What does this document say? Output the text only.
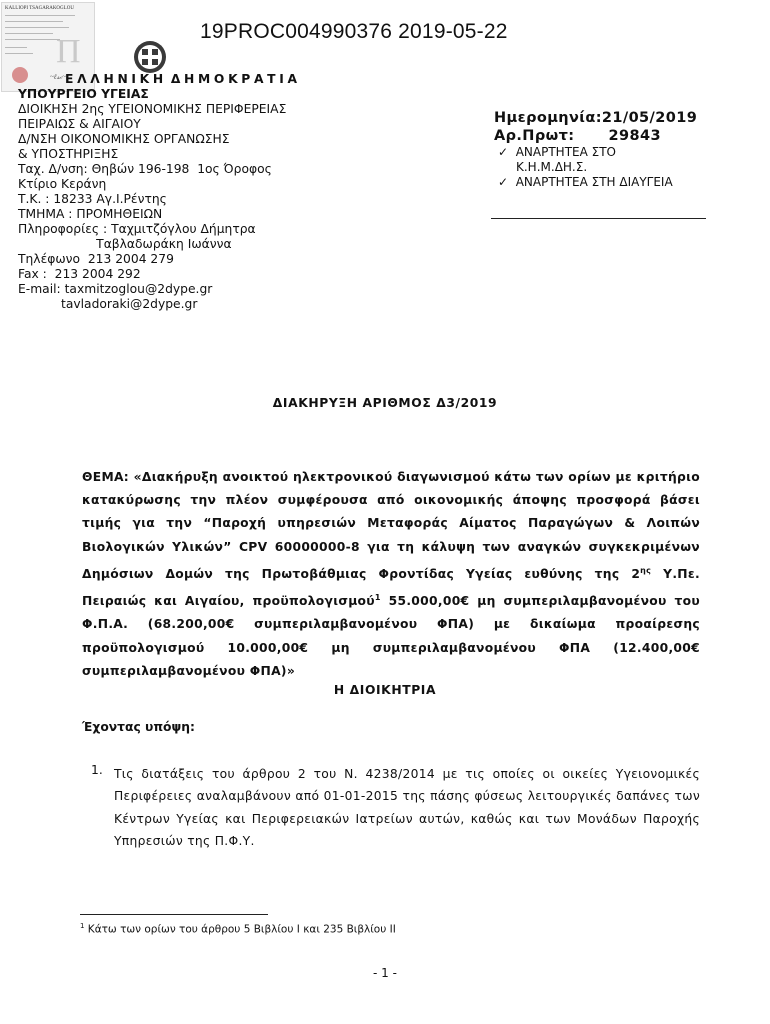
19PROC004990376 2019-05-22
KALLIOPI TSAGARAKOGLOU
Π
~ℓ𝓈ℴ~
Ε Λ Λ Η Ν Ι Κ Η  Δ Η Μ Ο Κ Ρ Α Τ Ι Α
ΥΠΟΥΡΓΕΙΟ ΥΓΕΙΑΣ
ΔΙΟΙΚΗΣΗ 2ης ΥΓΕΙΟΝΟΜΙΚΗΣ ΠΕΡΙΦΕΡΕΙΑΣ
ΠΕΙΡΑΙΩΣ & ΑΙΓΑΙΟΥ
Δ/ΝΣΗ ΟΙΚΟΝΟΜΙΚΗΣ ΟΡΓΑΝΩΣΗΣ
& ΥΠΟΣΤΗΡΙΞΗΣ
Ταχ. Δ/νση: Θηβών 196-198  1ος Όροφος
Κτίριο Κεράνη
Τ.Κ. : 18233 Αγ.Ι.Ρέντης
ΤΜΗΜΑ : ΠΡΟΜΗΘΕΙΩΝ
Πληροφορίες : Ταχμιτζόγλου Δήμητρα
Ταβλαδωράκη Ιωάννα
Τηλέφωνο  213 2004 279
Fax :  213 2004 292
E-mail: taxmitzoglou@2dype.gr
tavladoraki@2dype.gr
Ημερομηνία:21/05/2019
Αρ.Πρωτ: 29843
✓ ΑΝΑΡΤΗΤΕΑ ΣΤΟ
Κ.Η.Μ.ΔΗ.Σ.
✓ ΑΝΑΡΤΗΤΕΑ ΣΤΗ ΔΙΑΥΓΕΙΑ
ΔΙΑΚΗΡΥΞΗ ΑΡΙΘΜΟΣ Δ3/2019
ΘΕΜΑ: «Διακήρυξη ανοικτού ηλεκτρονικού διαγωνισμού κάτω των ορίων με κριτήριο κατακύρωσης την πλέον συμφέρουσα από οικονομικής άποψης προσφορά βάσει τιμής για την “Παροχή υπηρεσιών Μεταφοράς Αίματος Παραγώγων & Λοιπών Βιολογικών Υλικών” CPV 60000000-8 για τη κάλυψη των αναγκών συγκεκριμένων Δημόσιων Δομών της Πρωτοβάθμιας Φροντίδας Υγείας ευθύνης της $2^{\eta\varsigma}$ Υ.Πε. Πειραιώς και Αιγαίου, προϋπολογισμού$^1$ 55.000,00€ μη συμπεριλαμβανομένου του Φ.Π.Α. (68.200,00€ συμπεριλαμβανομένου ΦΠΑ) με δικαίωμα προαίρεσης προϋπολογισμού 10.000,00€ μη συμπεριλαμβανομένου ΦΠΑ (12.400,00€ συμπεριλαμβανομένου ΦΠΑ)»
Η ΔΙΟΙΚΗΤΡΙΑ
Έχοντας υπόψη:
1. Τις διατάξεις του άρθρου 2 του Ν. 4238/2014 με τις οποίες οι οικείες Υγειονομικές Περιφέρειες αναλαμβάνουν από 01-01-2015 της πάσης φύσεως λειτουργικές δαπάνες των Κέντρων Υγείας και Περιφερειακών Ιατρείων αυτών, καθώς και των Μονάδων Παροχής Υπηρεσιών της Π.Φ.Υ.
$^1$ Κάτω των ορίων του άρθρου 5 Βιβλίου Ι και 235 Βιβλίου ΙΙ
- 1 -
